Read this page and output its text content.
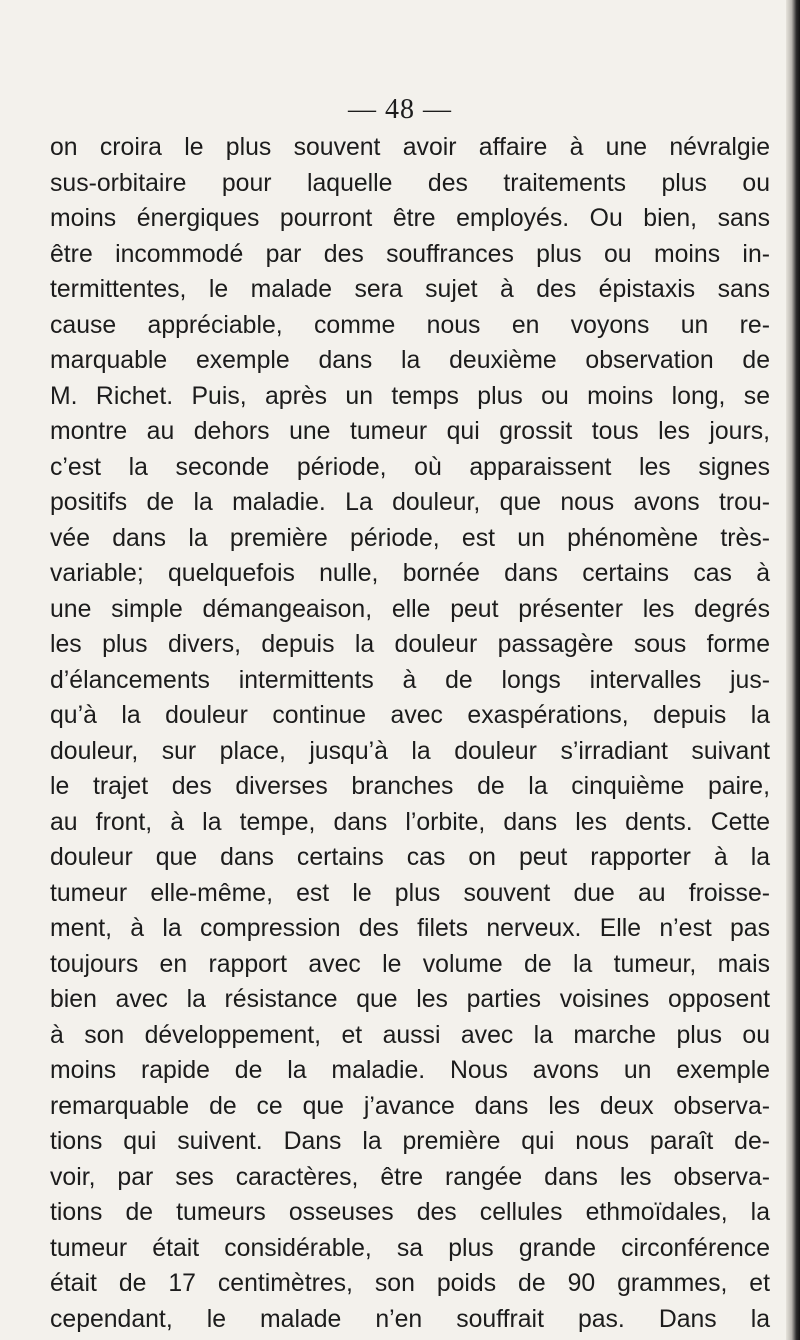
— 48 —
on croira le plus souvent avoir affaire à une névralgie
sus-orbitaire pour laquelle des traitements plus ou
moins énergiques pourront être employés. Ou bien, sans
être incommodé par des souffrances plus ou moins in-
termittentes, le malade sera sujet à des épistaxis sans
cause appréciable, comme nous en voyons un re-
marquable exemple dans la deuxième observation de
M. Richet. Puis, après un temps plus ou moins long, se
montre au dehors une tumeur qui grossit tous les jours,
c’est la seconde période, où apparaissent les signes
positifs de la maladie. La douleur, que nous avons trou-
vée dans la première période, est un phénomène très-
variable; quelquefois nulle, bornée dans certains cas à
une simple démangeaison, elle peut présenter les degrés
les plus divers, depuis la douleur passagère sous forme
d’élancements intermittents à de longs intervalles jus-
qu’à la douleur continue avec exaspérations, depuis la
douleur, sur place, jusqu’à la douleur s’irradiant suivant
le trajet des diverses branches de la cinquième paire,
au front, à la tempe, dans l’orbite, dans les dents. Cette
douleur que dans certains cas on peut rapporter à la
tumeur elle-même, est le plus souvent due au froisse-
ment, à la compression des filets nerveux. Elle n’est pas
toujours en rapport avec le volume de la tumeur, mais
bien avec la résistance que les parties voisines opposent
à son développement, et aussi avec la marche plus ou
moins rapide de la maladie. Nous avons un exemple
remarquable de ce que j’avance dans les deux observa-
tions qui suivent. Dans la première qui nous paraît de-
voir, par ses caractères, être rangée dans les observa-
tions de tumeurs osseuses des cellules ethmoïdales, la
tumeur était considérable, sa plus grande circonférence
était de 17 centimètres, son poids de 90 grammes, et
cependant, le malade n’en souffrait pas. Dans la
